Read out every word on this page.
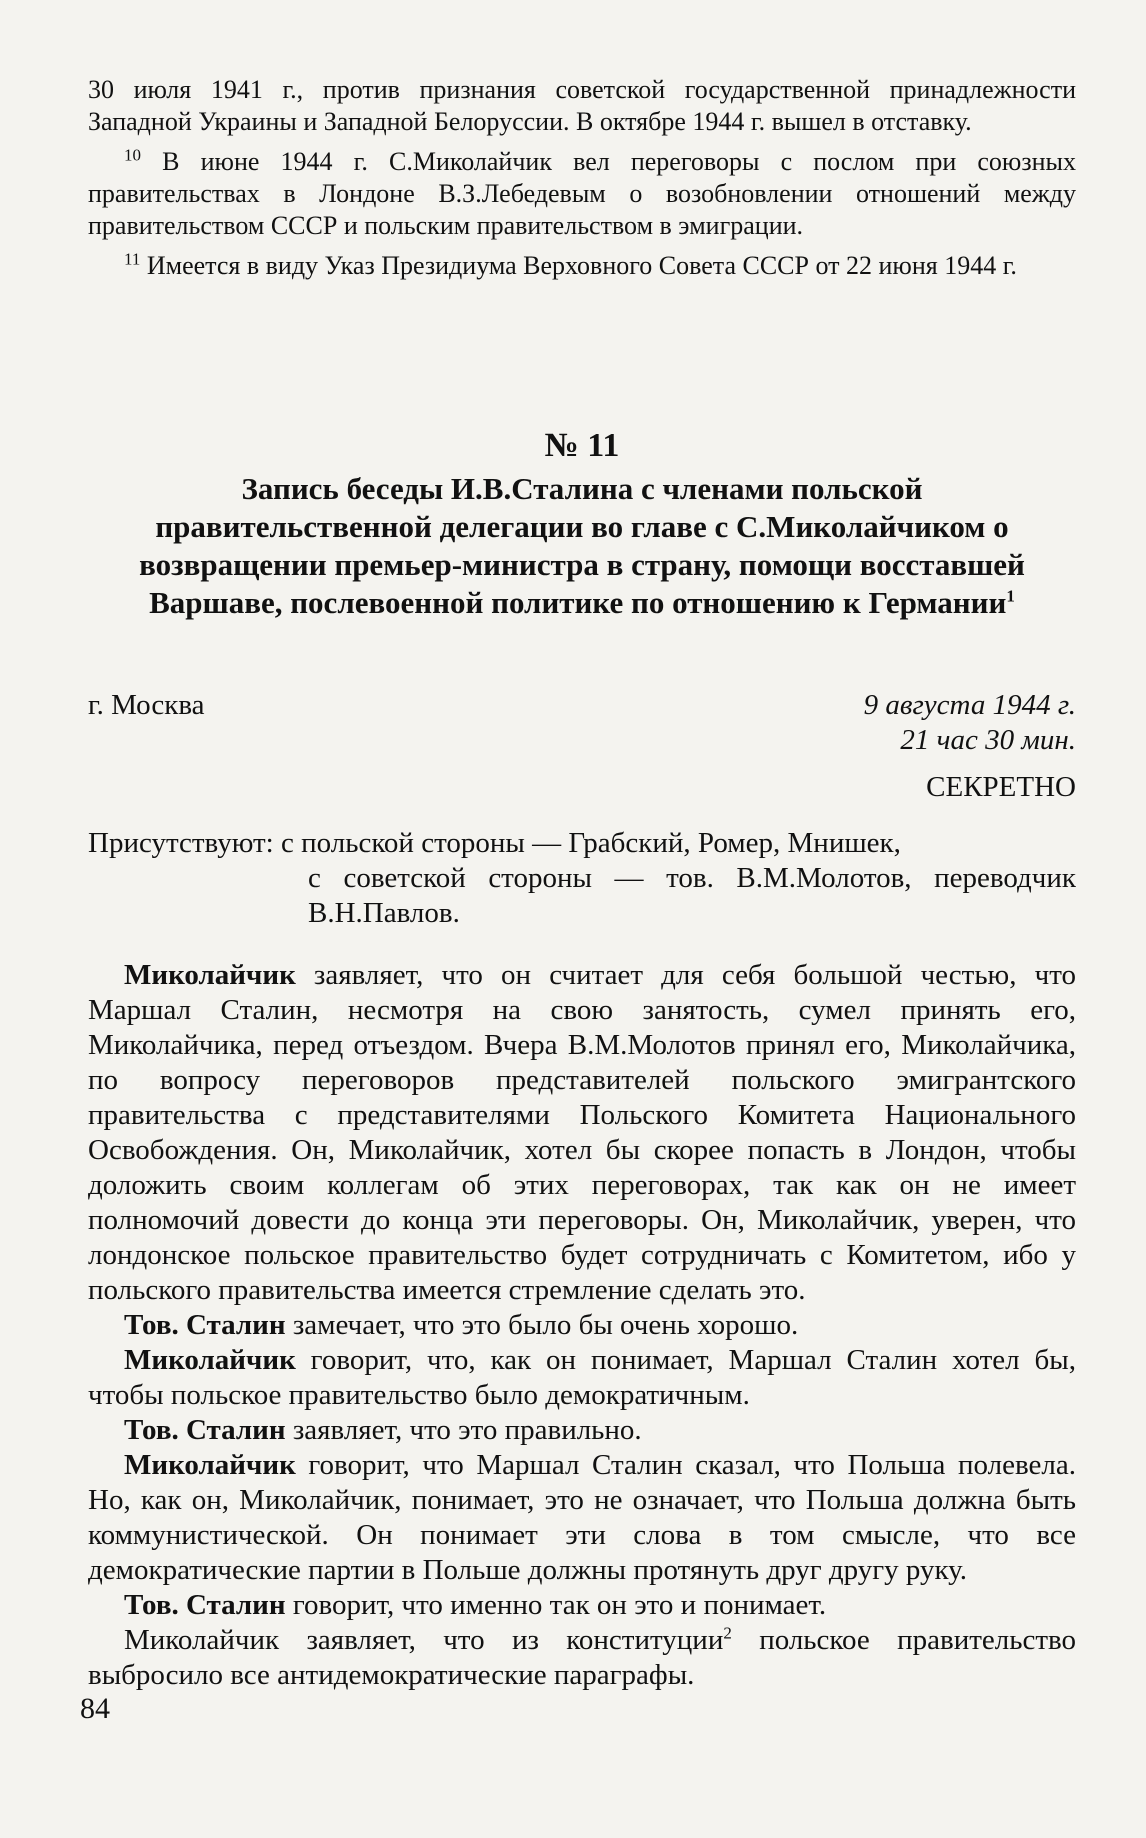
30 июля 1941 г., против признания советской государственной принадлежности Западной Украины и Западной Белоруссии. В октябре 1944 г. вышел в отставку.

$^{10}$ В июне 1944 г. С.Миколайчик вел переговоры с послом при союзных правительствах в Лондоне В.З.Лебедевым о возобновлении отношений между правительством СССР и польским правительством в эмиграции.

$^{11}$ Имеется в виду Указ Президиума Верховного Совета СССР от 22 июня 1944 г.

№ 11
Запись беседы И.В.Сталина с членами польской правительственной делегации во главе с С.Миколайчиком о возвращении премьер-министра в страну, помощи восставшей Варшаве, послевоенной политике по отношению к Германии$^1$
г. Москва	9 августа 1944 г.
21 час 30 мин.
СЕКРЕТНО

Присутствуют: с польской стороны — Грабский, Ромер, Мнишек,

с советской стороны — тов. В.М.Молотов, переводчик В.Н.Павлов.

Миколайчик заявляет, что он считает для себя большой честью, что Маршал Сталин, несмотря на свою занятость, сумел принять его, Миколайчика, перед отъездом. Вчера В.М.Молотов принял его, Миколайчика, по вопросу переговоров представителей польского эмигрантского правительства с представителями Польского Комитета Национального Освобождения. Он, Миколайчик, хотел бы скорее попасть в Лондон, чтобы доложить своим коллегам об этих переговорах, так как он не имеет полномочий довести до конца эти переговоры. Он, Миколайчик, уверен, что лондонское польское правительство будет сотрудничать с Комитетом, ибо у польского правительства имеется стремление сделать это.

Тов. Сталин замечает, что это было бы очень хорошо.

Миколайчик говорит, что, как он понимает, Маршал Сталин хотел бы, чтобы польское правительство было демократичным.

Тов. Сталин заявляет, что это правильно.

Миколайчик говорит, что Маршал Сталин сказал, что Польша полевела. Но, как он, Миколайчик, понимает, это не означает, что Польша должна быть коммунистической. Он понимает эти слова в том смысле, что все демократические партии в Польше должны протянуть друг другу руку.

Тов. Сталин говорит, что именно так он это и понимает.

Миколайчик заявляет, что из конституции$^2$ польское правительство выбросило все антидемократические параграфы.

84
